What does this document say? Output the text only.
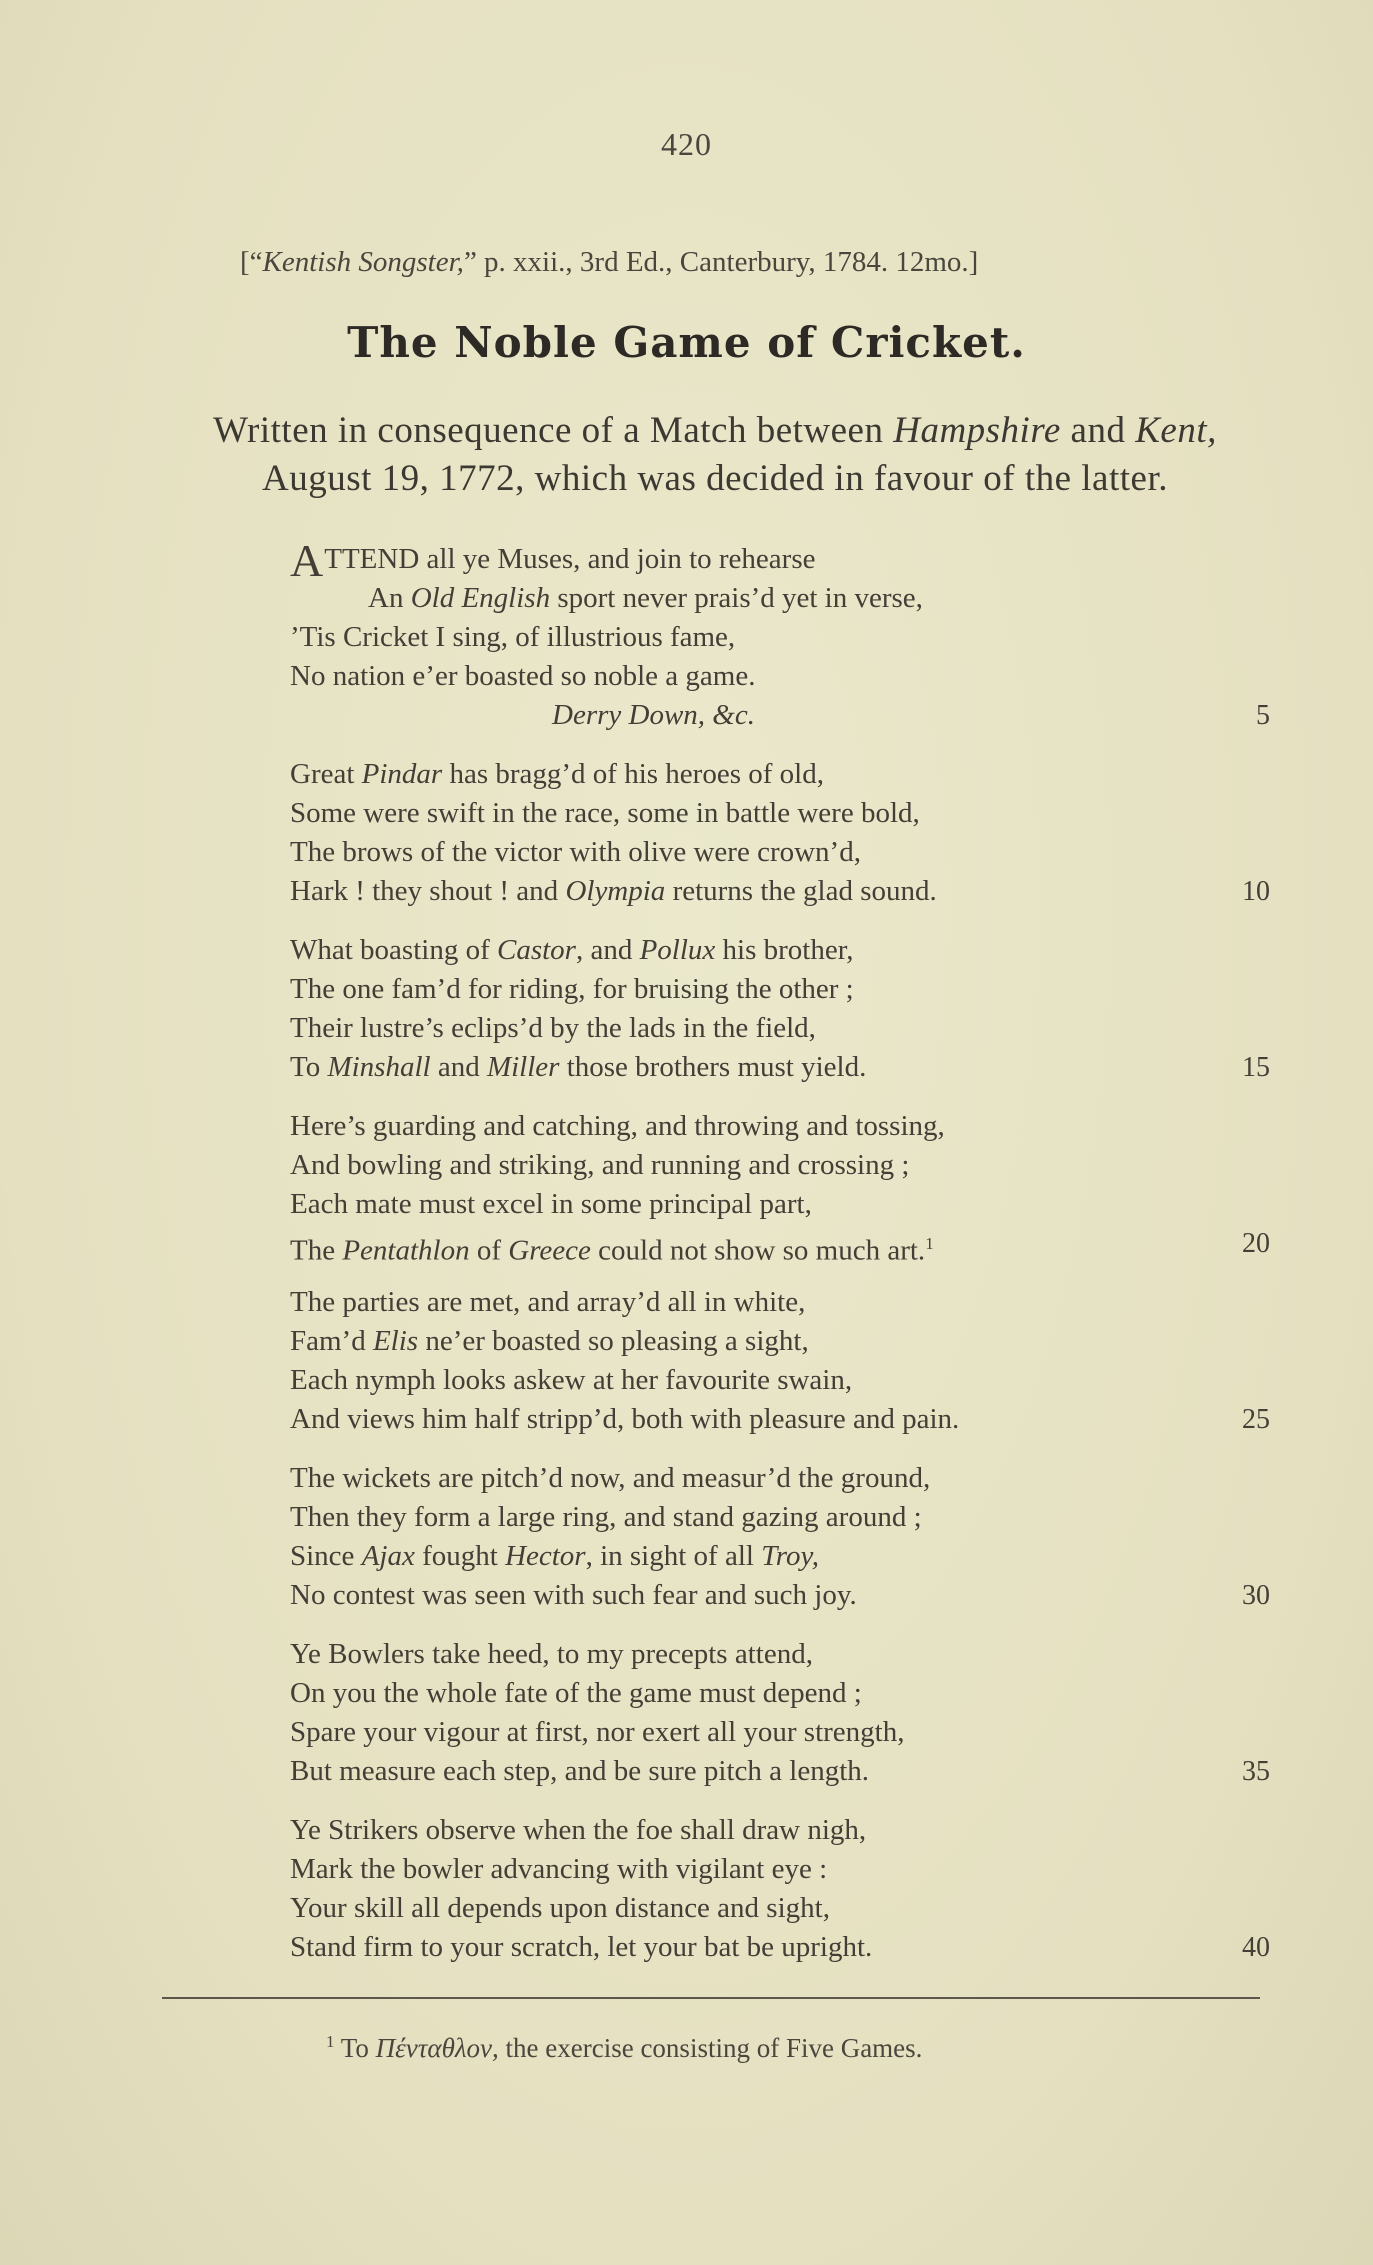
420
[“Kentish Songster,” p. xxii., 3rd Ed., Canterbury, 1784. 12mo.]
The Noble Game of Cricket.
Written in consequence of a Match between Hampshire and Kent,
August 19, 1772, which was decided in favour of the latter.
ATTEND all ye Muses, and join to rehearse
An Old English sport never prais’d yet in verse,
’Tis Cricket I sing, of illustrious fame,
No nation e’er boasted so noble a game.
Derry Down, &c.	5
Great Pindar has bragg’d of his heroes of old,
Some were swift in the race, some in battle were bold,
The brows of the victor with olive were crown’d,
Hark ! they shout ! and Olympia returns the glad sound.	10
What boasting of Castor, and Pollux his brother,
The one fam’d for riding, for bruising the other ;
Their lustre’s eclips’d by the lads in the field,
To Minshall and Miller those brothers must yield.	15
Here’s guarding and catching, and throwing and tossing,
And bowling and striking, and running and crossing ;
Each mate must excel in some principal part,
The Pentathlon of Greece could not show so much art.$^1$	20
The parties are met, and array’d all in white,
Fam’d Elis ne’er boasted so pleasing a sight,
Each nymph looks askew at her favourite swain,
And views him half stripp’d, both with pleasure and pain.	25
The wickets are pitch’d now, and measur’d the ground,
Then they form a large ring, and stand gazing around ;
Since Ajax fought Hector, in sight of all Troy,
No contest was seen with such fear and such joy.	30
Ye Bowlers take heed, to my precepts attend,
On you the whole fate of the game must depend ;
Spare your vigour at first, nor exert all your strength,
But measure each step, and be sure pitch a length.	35
Ye Strikers observe when the foe shall draw nigh,
Mark the bowler advancing with vigilant eye :
Your skill all depends upon distance and sight,
Stand firm to your scratch, let your bat be upright.	40
$^1$ To Πένταθλον, the exercise consisting of Five Games.
